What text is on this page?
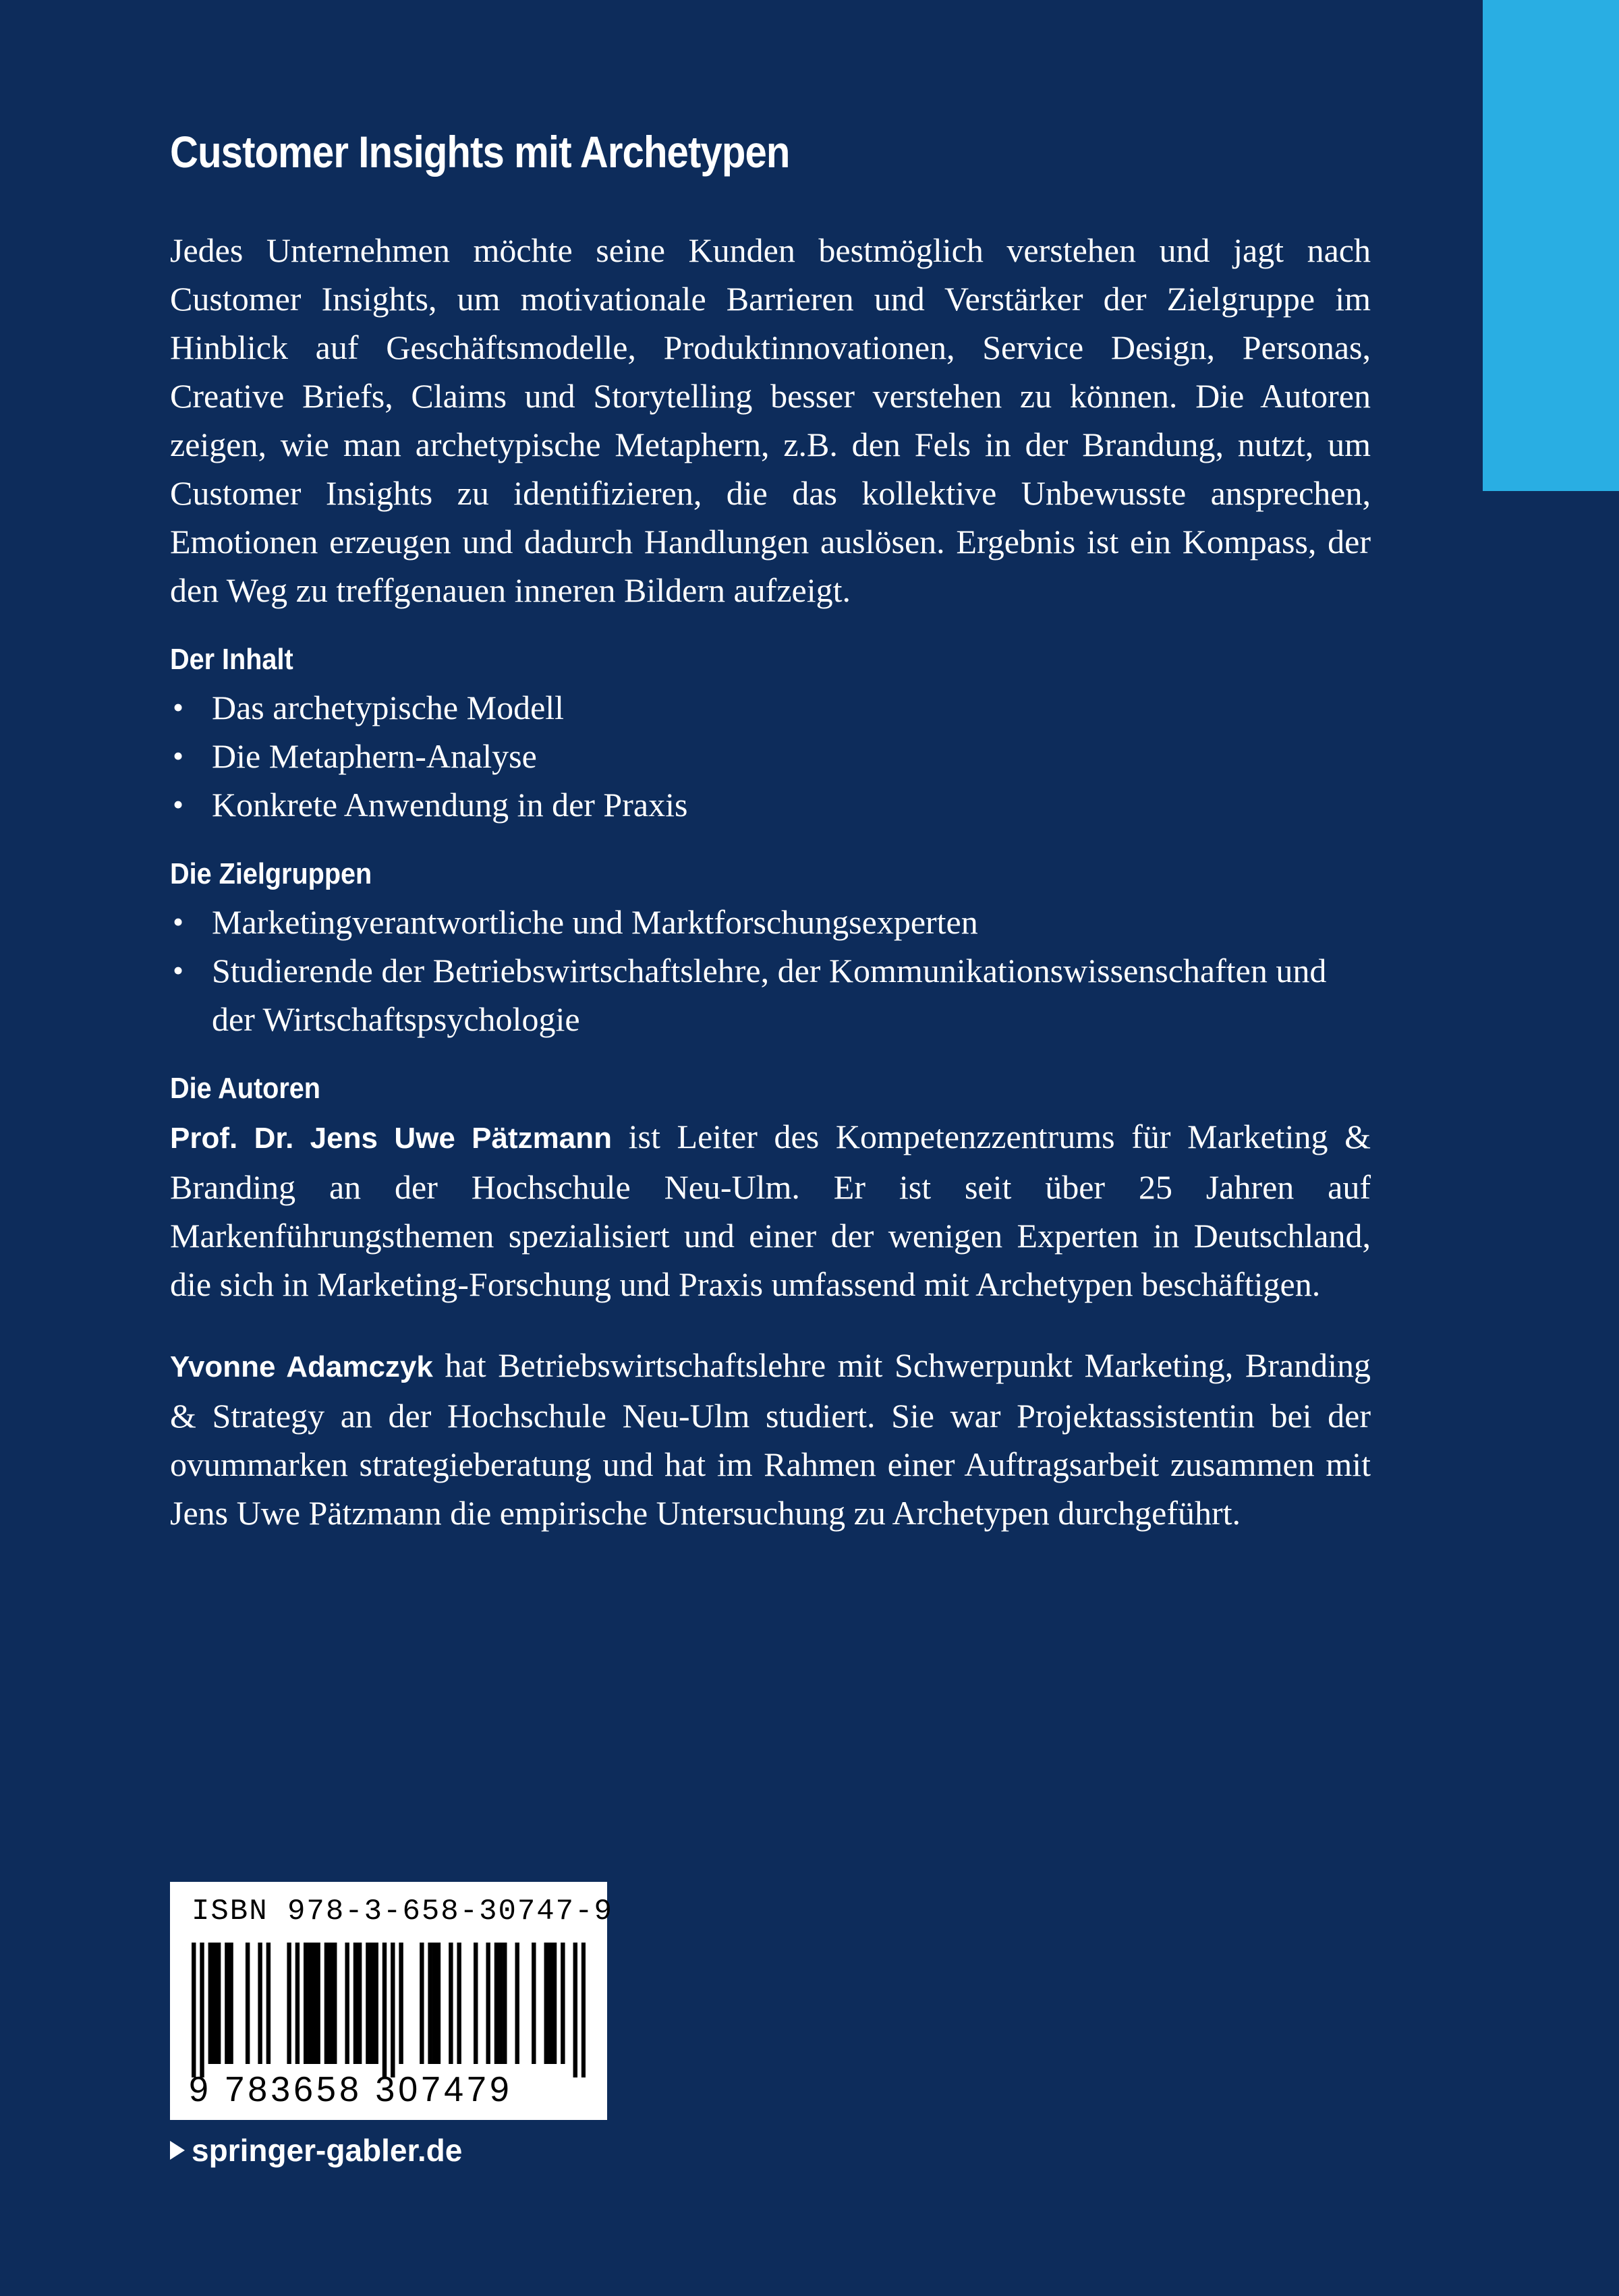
Customer Insights mit Archetypen

Jedes Unternehmen möchte seine Kunden bestmöglich verstehen und jagt nach Customer Insights, um motivationale Barrieren und Verstärker der Zielgruppe im Hinblick auf Geschäftsmodelle, Produktinnovationen, Service Design, Personas, Creative Briefs, Claims und Storytelling besser verstehen zu können. Die Autoren zeigen, wie man archetypische Metaphern, z.B. den Fels in der Brandung, nutzt, um Customer Insights zu identifizieren, die das kollektive Unbewusste ansprechen, Emotionen erzeugen und dadurch Handlungen auslösen. Ergebnis ist ein Kompass, der den Weg zu treffgenauen inneren Bildern aufzeigt.

Der Inhalt
• Das archetypische Modell
• Die Metaphern-Analyse
• Konkrete Anwendung in der Praxis
Die Zielgruppen
• Marketingverantwortliche und Marktforschungsexperten
• Studierende der Betriebswirtschaftslehre, der Kommunikationswissenschaften und der Wirtschaftspsychologie
Die Autoren

Prof. Dr. Jens Uwe Pätzmann ist Leiter des Kompetenzzentrums für Marketing & Branding an der Hochschule Neu-Ulm. Er ist seit über 25 Jahren auf Markenführungsthemen spezialisiert und einer der wenigen Experten in Deutschland, die sich in Marketing-Forschung und Praxis umfassend mit Archetypen beschäftigen.

Yvonne Adamczyk hat Betriebswirtschaftslehre mit Schwerpunkt Marketing, Branding & Strategy an der Hochschule Neu-Ulm studiert. Sie war Projektassistentin bei der ovummarken strategieberatung und hat im Rahmen einer Auftragsarbeit zusammen mit Jens Uwe Pätzmann die empirische Untersuchung zu Archetypen durchgeführt.

ISBN 978-3-658-30747-9
9 783658 307479
springer-gabler.de
